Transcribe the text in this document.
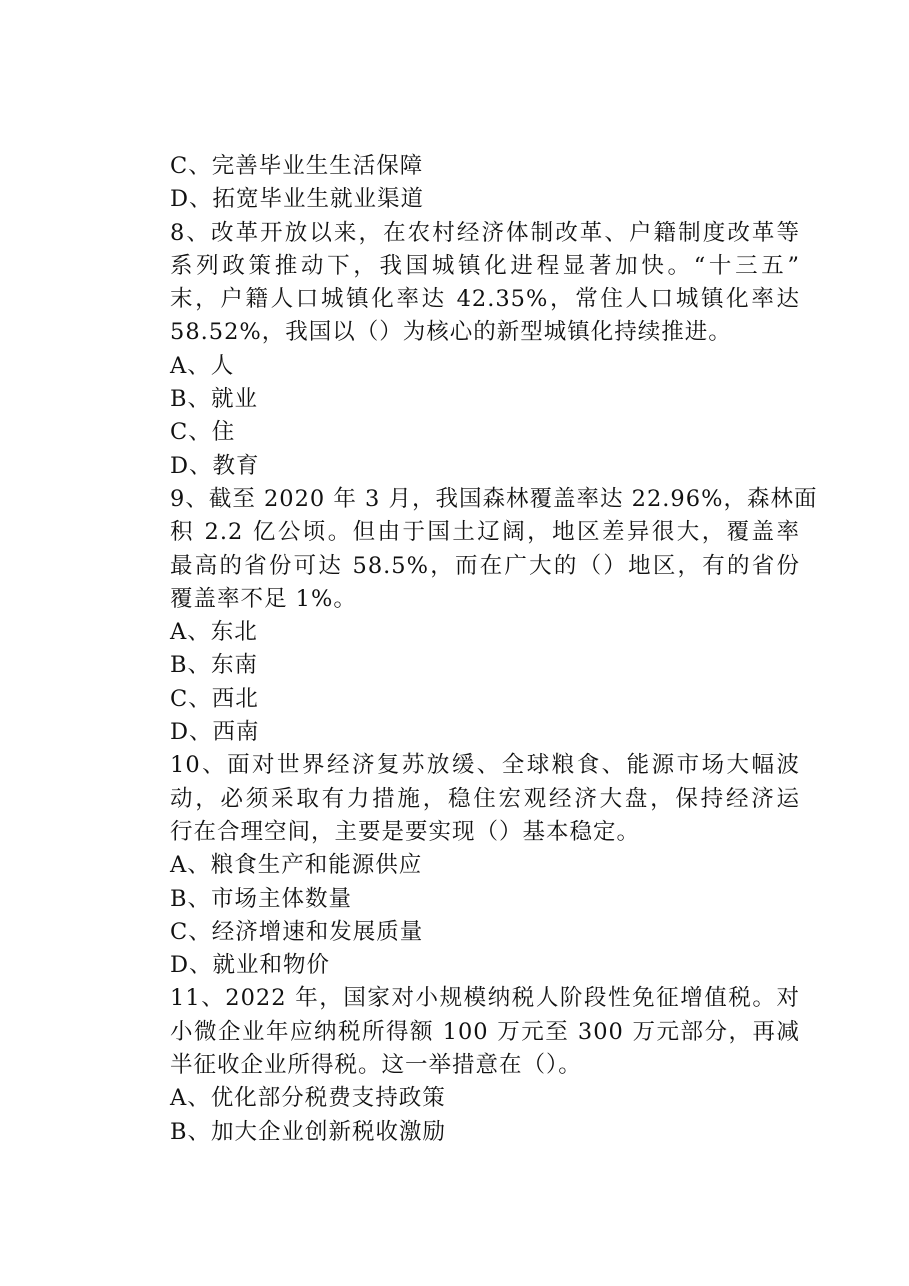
C、完善毕业生生活保障
D、拓宽毕业生就业渠道
8、改革开放以来，在农村经济体制改革、户籍制度改革等
系列政策推动下，我国城镇化进程显著加快。“十三五”
末，户籍人口城镇化率达 42.35%，常住人口城镇化率达
58.52%，我国以（）为核心的新型城镇化持续推进。
A、人
B、就业
C、住
D、教育
9、截至 2020 年 3 月，我国森林覆盖率达 22.96%，森林面
积 2.2 亿公顷。但由于国土辽阔，地区差异很大，覆盖率
最高的省份可达 58.5%，而在广大的（）地区，有的省份
覆盖率不足 1%。
A、东北
B、东南
C、西北
D、西南
10、面对世界经济复苏放缓、全球粮食、能源市场大幅波
动，必须采取有力措施，稳住宏观经济大盘，保持经济运
行在合理空间，主要是要实现（）基本稳定。
A、粮食生产和能源供应
B、市场主体数量
C、经济增速和发展质量
D、就业和物价
11、2022 年，国家对小规模纳税人阶段性免征增值税。对
小微企业年应纳税所得额 100 万元至 300 万元部分，再减
半征收企业所得税。这一举措意在（）。
A、优化部分税费支持政策
B、加大企业创新税收激励
